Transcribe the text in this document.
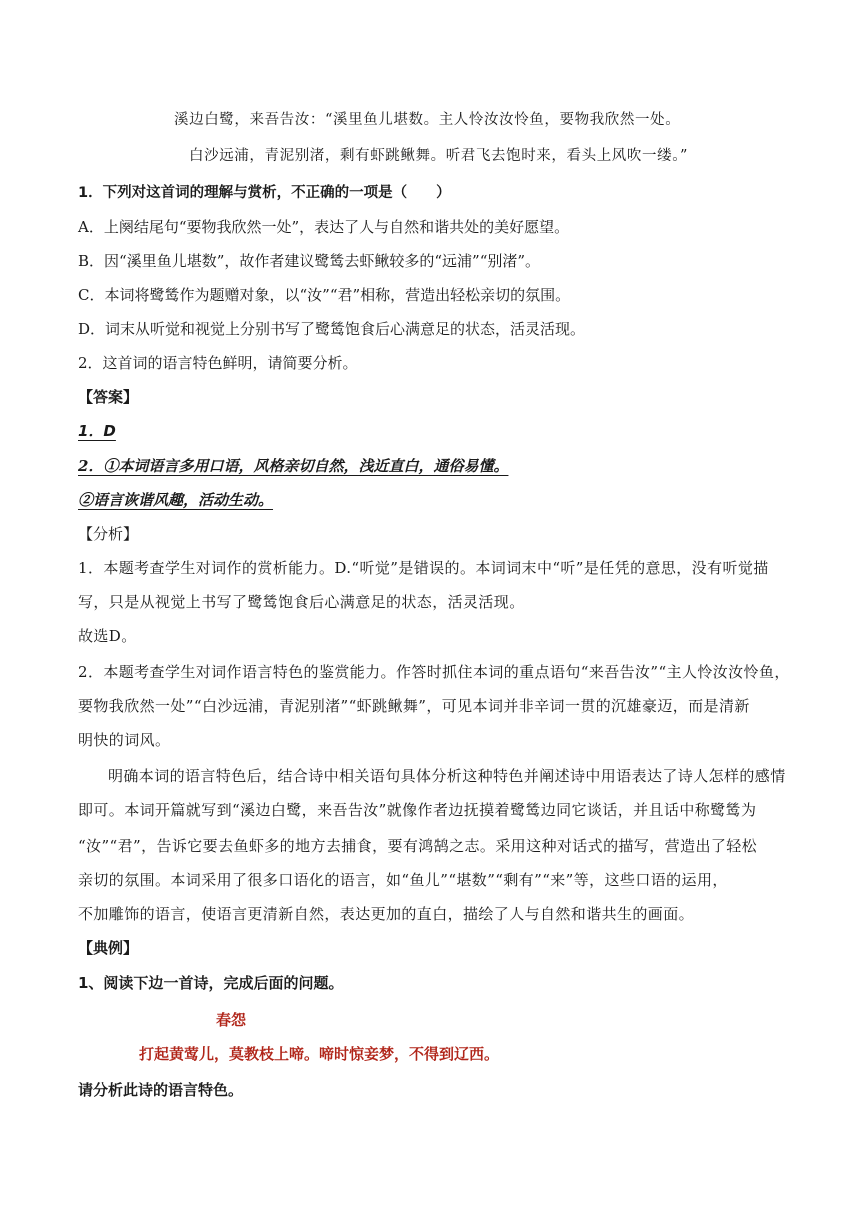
溪边白鹭，来吾告汝：“溪里鱼儿堪数。主人怜汝汝怜鱼，要物我欣然一处。
白沙远浦，青泥别渚，剩有虾跳鳅舞。听君飞去饱时来，看头上风吹一缕。”
1．下列对这首词的理解与赏析，不正确的一项是（　　）
A．上阕结尾句“要物我欣然一处”，表达了人与自然和谐共处的美好愿望。
B．因“溪里鱼儿堪数”，故作者建议鹭鸶去虾鳅较多的“远浦”“别渚”。
C．本词将鹭鸶作为题赠对象，以“汝”“君”相称，营造出轻松亲切的氛围。
D．词末从听觉和视觉上分别书写了鹭鸶饱食后心满意足的状态，活灵活现。
2．这首词的语言特色鲜明，请简要分析。
【答案】
1．D
2．①本词语言多用口语，风格亲切自然，浅近直白，通俗易懂。
②语言诙谐风趣，活动生动。
【分析】
1．本题考查学生对词作的赏析能力。D.“听觉”是错误的。本词词末中“听”是任凭的意思，没有听觉描
写，只是从视觉上书写了鹭鸶饱食后心满意足的状态，活灵活现。
故选D。
2．本题考查学生对词作语言特色的鉴赏能力。作答时抓住本词的重点语句“来吾告汝”“主人怜汝汝怜鱼，
要物我欣然一处”“白沙远浦，青泥别渚”“虾跳鳅舞”，可见本词并非辛词一贯的沉雄豪迈，而是清新
明快的词风。
明确本词的语言特色后，结合诗中相关语句具体分析这种特色并阐述诗中用语表达了诗人怎样的感情
即可。本词开篇就写到“溪边白鹭，来吾告汝”就像作者边抚摸着鹭鸶边同它谈话，并且话中称鹭鸶为
“汝”“君”，告诉它要去鱼虾多的地方去捕食，要有鸿鹄之志。采用这种对话式的描写，营造出了轻松
亲切的氛围。本词采用了很多口语化的语言，如“鱼儿”“堪数”“剩有”“来”等，这些口语的运用，
不加雕饰的语言，使语言更清新自然，表达更加的直白，描绘了人与自然和谐共生的画面。
【典例】
1、阅读下边一首诗，完成后面的问题。
春怨
打起黄莺儿，莫教枝上啼。啼时惊妾梦，不得到辽西。
请分析此诗的语言特色。
